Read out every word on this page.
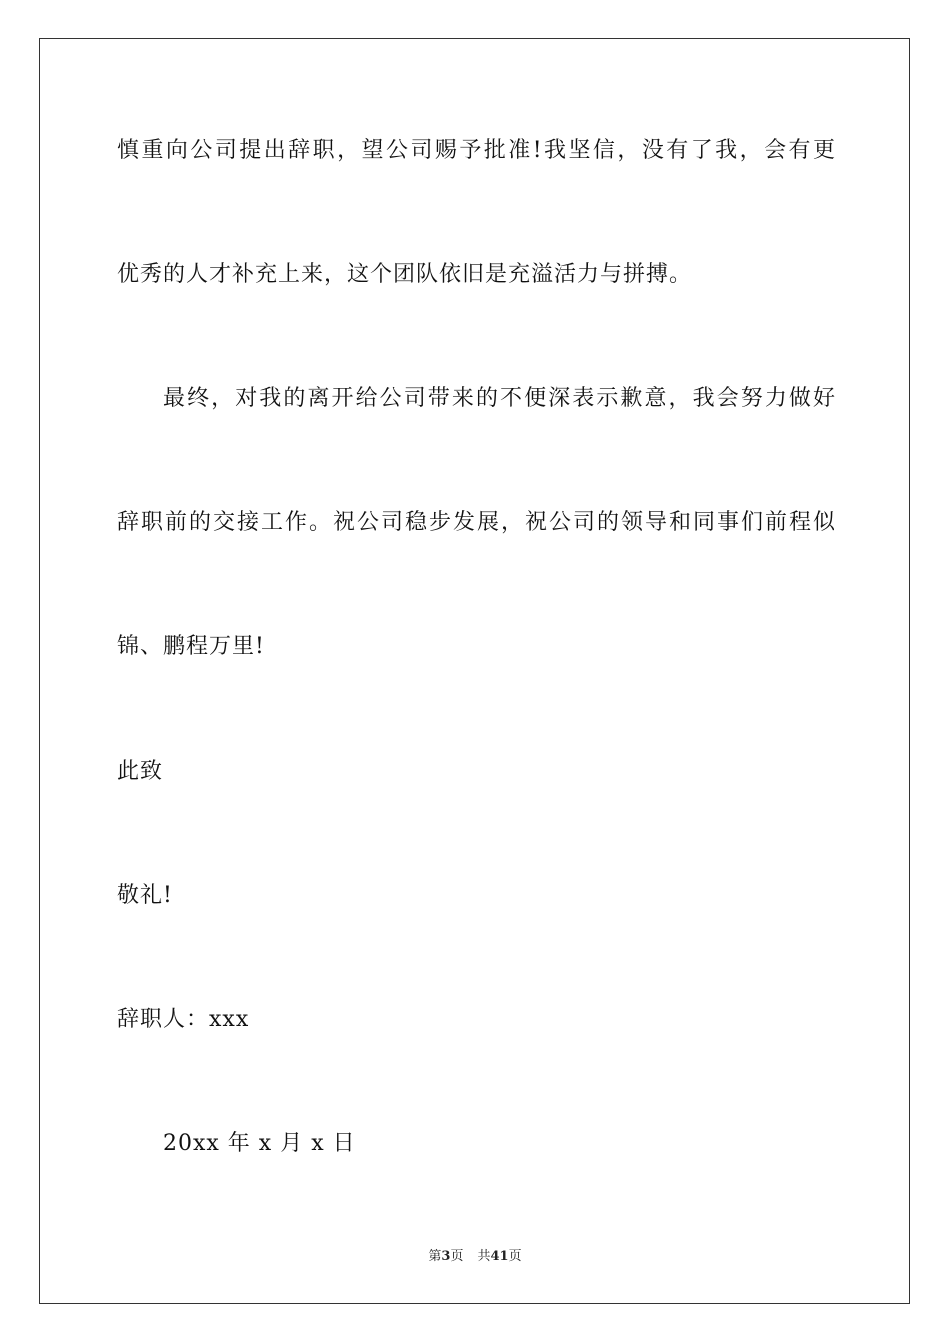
慎重向公司提出辞职，望公司赐予批准!我坚信，没有了我，会有更
优秀的人才补充上来，这个团队依旧是充溢活力与拼搏。
最终，对我的离开给公司带来的不便深表示歉意，我会努力做好
辞职前的交接工作。祝公司稳步发展，祝公司的领导和同事们前程似
锦、鹏程万里!
此致
敬礼!
辞职人：xxx
20xx 年 x 月 x 日
第3页 共41页
